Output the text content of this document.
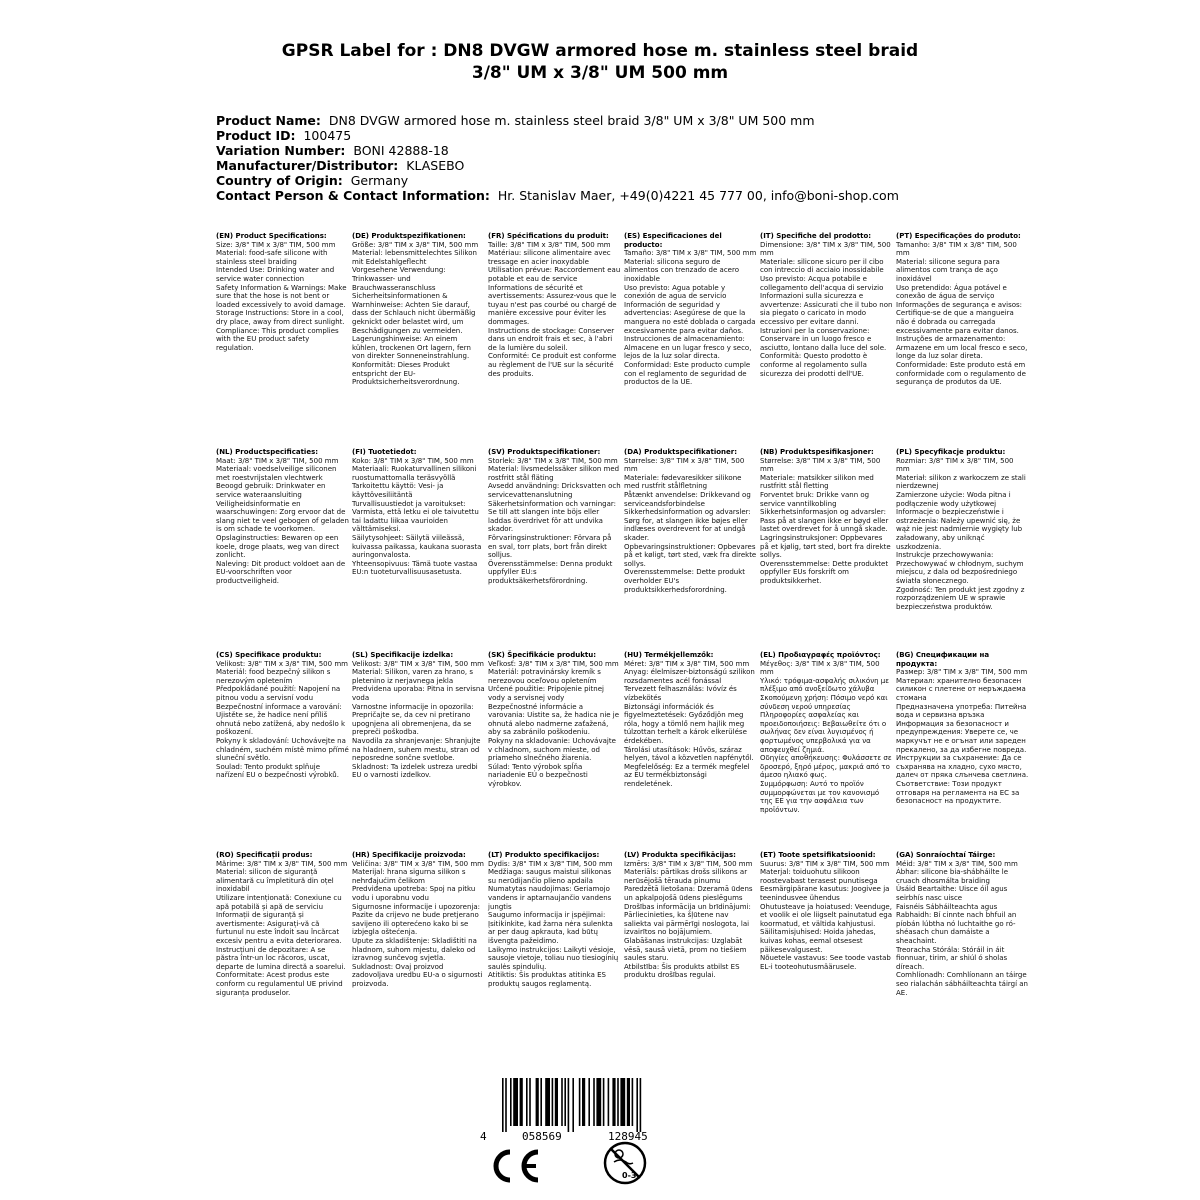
GPSR Label for : DN8 DVGW armored hose m. stainless steel braid
3/8" UM x 3/8" UM 500 mm
Product Name: DN8 DVGW armored hose m. stainless steel braid 3/8" UM x 3/8" UM 500 mm
Product ID: 100475
Variation Number: BONI 42888-18
Manufacturer/Distributor: KLASEBO
Country of Origin: Germany
Contact Person & Contact Information: Hr. Stanislav Maer, +49(0)4221 45 777 00, info@boni-shop.com
(EN) Product Specifications:
Size: 3/8" TIM x 3/8" TIM, 500 mm
Material: food-safe silicone with stainless steel braiding
Intended Use: Drinking water and service water connection
Safety Information & Warnings: Make sure that the hose is not bent or loaded excessively to avoid damage.
Storage Instructions: Store in a cool, dry place, away from direct sunlight.
Compliance: This product complies with the EU product safety regulation.
(DE) Produktspezifikationen:
Größe: 3/8" TIM x 3/8" TIM, 500 mm
Material: lebensmittelechtes Silikon mit Edelstahlgeflecht
Vorgesehene Verwendung: Trinkwasser- und Brauchwasseranschluss
Sicherheitsinformationen & Warnhinweise: Achten Sie darauf, dass der Schlauch nicht übermäßig geknickt oder belastet wird, um Beschädigungen zu vermeiden.
Lagerungshinweise: An einem kühlen, trockenen Ort lagern, fern von direkter Sonneneinstrahlung.
Konformität: Dieses Produkt entspricht der EU-Produktsicherheitsverordnung.
(FR) Spécifications du produit:
Taille: 3/8" TIM x 3/8" TIM, 500 mm
Matériau: silicone alimentaire avec tressage en acier inoxydable
Utilisation prévue: Raccordement eau potable et eau de service
Informations de sécurité et avertissements: Assurez-vous que le tuyau n'est pas courbé ou chargé de manière excessive pour éviter les dommages.
Instructions de stockage: Conserver dans un endroit frais et sec, à l'abri de la lumière du soleil.
Conformité: Ce produit est conforme au règlement de l'UE sur la sécurité des produits.
(ES) Especificaciones del producto:
Tamaño: 3/8" TIM x 3/8" TIM, 500 mm
Material: silicona seguro de alimentos con trenzado de acero inoxidable
Uso previsto: Agua potable y conexión de agua de servicio
Información de seguridad y advertencias: Asegúrese de que la manguera no esté doblada o cargada excesivamente para evitar daños.
Instrucciones de almacenamiento: Almacene en un lugar fresco y seco, lejos de la luz solar directa.
Conformidad: Este producto cumple con el reglamento de seguridad de productos de la UE.
(IT) Specifiche del prodotto:
Dimensione: 3/8" TIM x 3/8" TIM, 500 mm
Materiale: silicone sicuro per il cibo con intreccio di acciaio inossidabile
Uso previsto: Acqua potabile e collegamento dell'acqua di servizio
Informazioni sulla sicurezza e avvertenze: Assicurati che il tubo non sia piegato o caricato in modo eccessivo per evitare danni.
Istruzioni per la conservazione: Conservare in un luogo fresco e asciutto, lontano dalla luce del sole.
Conformità: Questo prodotto è conforme al regolamento sulla sicurezza dei prodotti dell'UE.
(PT) Especificações do produto:
Tamanho: 3/8" TIM x 3/8" TIM, 500 mm
Material: silicone segura para alimentos com trança de aço inoxidável
Uso pretendido: Água potável e conexão de água de serviço
Informações de segurança e avisos: Certifique-se de que a mangueira não é dobrada ou carregada excessivamente para evitar danos.
Instruções de armazenamento: Armazene em um local fresco e seco, longe da luz solar direta.
Conformidade: Este produto está em conformidade com o regulamento de segurança de produtos da UE.
(NL) Productspecificaties:
Maat: 3/8" TIM x 3/8" TIM, 500 mm
Materiaal: voedselveilige siliconen met roestvrijstalen vlechtwerk
Beoogd gebruik: Drinkwater en service wateraansluiting
Veiligheidsinformatie en waarschuwingen: Zorg ervoor dat de slang niet te veel gebogen of geladen is om schade te voorkomen.
Opslaginstructies: Bewaren op een koele, droge plaats, weg van direct zonlicht.
Naleving: Dit product voldoet aan de EU-voorschriften voor productveiligheid.
(FI) Tuotetiedot:
Koko: 3/8" TIM x 3/8" TIM, 500 mm
Materiaali: Ruokaturvallinen silikoni ruostumattomalla teräsvyöllä
Tarkoitettu käyttö: Vesi- ja käyttövesiliitäntä
Turvallisuustiedot ja varoitukset: Varmista, että letku ei ole taivutettu tai ladattu liikaa vaurioiden välttämiseksi.
Säilytysohjeet: Säilytä viileässä, kuivassa paikassa, kaukana suorasta auringonvalosta.
Yhteensopivuus: Tämä tuote vastaa EU:n tuoteturvallisuusasetusta.
(SV) Produktspecifikationer:
Storlek: 3/8" TIM x 3/8" TIM, 500 mm
Material: livsmedelssäker silikon med rostfritt stål fläting
Avsedd användning: Dricksvatten och servicevattenanslutning
Säkerhetsinformation och varningar: Se till att slangen inte böjs eller laddas överdrivet för att undvika skador.
Förvaringsinstruktioner: Förvara på en sval, torr plats, bort från direkt solljus.
Överensstämmelse: Denna produkt uppfyller EU:s produktsäkerhetsförordning.
(DA) Produktspecifikationer:
Størrelse: 3/8" TIM x 3/8" TIM, 500 mm
Materiale: fødevaresikker silikone med rustfrit stålfletning
Påtænkt anvendelse: Drikkevand og serviceandsforbindelse
Sikkerhedsinformation og advarsler: Sørg for, at slangen ikke bøjes eller indlæses overdrevent for at undgå skader.
Opbevaringsinstruktioner: Opbevares på et køligt, tørt sted, væk fra direkte sollys.
Overensstemmelse: Dette produkt overholder EU's produktsikkerhedsforordning.
(NB) Produktspesifikasjoner:
Størrelse: 3/8" TIM x 3/8" TIM, 500 mm
Materiale: matsikker silikon med rustfritt stål fletting
Forventet bruk: Drikke vann og service vanntilkobling
Sikkerhetsinformasjon og advarsler: Pass på at slangen ikke er bøyd eller lastet overdrevet for å unngå skade.
Lagringsinstruksjoner: Oppbevares på et kjølig, tørt sted, bort fra direkte sollys.
Overensstemmelse: Dette produktet oppfyller EUs forskrift om produktsikkerhet.
(PL) Specyfikacje produktu:
Rozmiar: 3/8" TIM x 3/8" TIM, 500 mm
Materiał: silikon z warkoczem ze stali nierdzewnej
Zamierzone użycie: Woda pitna i podłączenie wody użytkowej
Informacje o bezpieczeństwie i ostrzeżenia: Należy upewnić się, że wąż nie jest nadmiernie wygięty lub załadowany, aby uniknąć uszkodzenia.
Instrukcje przechowywania: Przechowywać w chłodnym, suchym miejscu, z dala od bezpośredniego światła słonecznego.
Zgodność: Ten produkt jest zgodny z rozporządzeniem UE w sprawie bezpieczeństwa produktów.
(CS) Specifikace produktu:
Velikost: 3/8" TIM x 3/8" TIM, 500 mm
Materiál: food bezpečný silikon s nerezovým opletením
Předpokládané použití: Napojení na pitnou vodu a servisní vodu
Bezpečnostní informace a varování: Ujistěte se, že hadice není příliš ohnutá nebo zatížená, aby nedošlo k poškození.
Pokyny k skladování: Uchovávejte na chladném, suchém místě mimo přímé sluneční světlo.
Soulad: Tento produkt splňuje nařízení EU o bezpečnosti výrobků.
(SL) Specifikacije izdelka:
Velikost: 3/8" TIM x 3/8" TIM, 500 mm
Material: Silikon, varen za hrano, s pletenino iz nerjavnega jekla
Predvidena uporaba: Pitna in servisna voda
Varnostne informacije in opozorila: Prepričajte se, da cev ni pretirano upognjena ali obremenjena, da se prepreči poškodba.
Navodila za shranjevanje: Shranjujte na hladnem, suhem mestu, stran od neposredne sončne svetlobe.
Skladnost: Ta izdelek ustreza uredbi EU o varnosti izdelkov.
(SK) Špecifikácie produktu:
Veľkosť: 3/8" TIM x 3/8" TIM, 500 mm
Materiál: potravinársky kremík s nerezovou oceľovou opletením
Určené použitie: Pripojenie pitnej vody a servisnej vody
Bezpečnostné informácie a varovania: Uistite sa, že hadica nie je ohnutá alebo nadmerne zaťažená, aby sa zabránilo poškodeniu.
Pokyny na skladovanie: Uchovávajte v chladnom, suchom mieste, od priameho slnečného žiarenia.
Súlad: Tento výrobok spĺňa nariadenie EÚ o bezpečnosti výrobkov.
(HU) Termékjellemzők:
Méret: 3/8" TIM x 3/8" TIM, 500 mm
Anyag: élelmiszer-biztonságú szilikon rozsdamentes acél fonással
Tervezett felhasználás: Ivóvíz és vízbekötés
Biztonsági információk és figyelmeztetések: Győződjön meg róla, hogy a tömlő nem hajlik meg túlzottan terhelt a károk elkerülése érdekében.
Tárolási utasítások: Hűvös, száraz helyen, távol a közvetlen napfénytől.
Megfelelőség: Ez a termék megfelel az EU termékbiztonsági rendeletének.
(EL) Προδιαγραφές προϊόντος:
Μέγεθος: 3/8" TIM x 3/8" TIM, 500 mm
Υλικό: τρόφιμα-ασφαλής σιλικόνη με πλέξιμο από ανοξείδωτο χάλυβα
Σκοπούμενη χρήση: Πόσιμο νερό και σύνδεση νερού υπηρεσίας
Πληροφορίες ασφαλείας και προειδοποιήσεις: Βεβαιωθείτε ότι ο σωλήνας δεν είναι λυγισμένος ή φορτωμένος υπερβολικά για να αποφευχθεί ζημιά.
Οδηγίες αποθήκευσης: Φυλάσσετε σε δροσερό, ξηρό μέρος, μακριά από το άμεσο ηλιακό φως.
Συμμόρφωση: Αυτό το προϊόν συμμορφώνεται με τον κανονισμό της ΕΕ για την ασφάλεια των προϊόντων.
(BG) Спецификации на продукта:
Размер: 3/8" TIM x 3/8" TIM, 500 mm
Материал: хранително безопасен силикон с плетене от неръждаема стомана
Предназначена употреба: Питейна вода и сервизна връзка
Информация за безопасност и предупреждения: Уверете се, че маркучът не е огънат или зареден прекалено, за да избегне повреда.
Инструкции за съхранение: Да се съхранява на хладно, сухо място, далеч от пряка слънчева светлина.
Съответствие: Този продукт отговаря на регламента на ЕС за безопасност на продуктите.
(RO) Specificații produs:
Mărime: 3/8" TIM x 3/8" TIM, 500 mm
Material: silicon de siguranță alimentară cu împletitură din oțel inoxidabil
Utilizare intenționată: Conexiune cu apă potabilă și apă de serviciu
Informații de siguranță și avertismente: Asigurați-vă că furtunul nu este îndoit sau încărcat excesiv pentru a evita deteriorarea.
Instrucțiuni de depozitare: A se păstra într-un loc răcoros, uscat, departe de lumina directă a soarelui.
Conformitate: Acest produs este conform cu regulamentul UE privind siguranța produselor.
(HR) Specifikacije proizvoda:
Veličina: 3/8" TIM x 3/8" TIM, 500 mm
Materijal: hrana sigurna silikon s nehrđajućim čelikom
Predviđena upotreba: Spoj na pitku vodu i uporabnu vodu
Sigurnosne informacije i upozorenja: Pazite da crijevo ne bude pretjerano savijeno ili opterećeno kako bi se izbjegla oštećenja.
Upute za skladištenje: Skladištiti na hladnom, suhom mjestu, daleko od izravnog sunčevog svjetla.
Sukladnost: Ovaj proizvod zadovoljava uredbu EU-a o sigurnosti proizvoda.
(LT) Produkto specifikacijos:
Dydis: 3/8" TIM x 3/8" TIM, 500 mm
Medžiaga: saugus maistui silikonas su nerūdijančio plieno apdaila
Numatytas naudojimas: Geriamojo vandens ir aptarnaujančio vandens jungtis
Saugumo informacija ir įspėjimai: Įsitikinkite, kad žarna nėra sulenkta ar per daug apkrauta, kad būtų išvengta pažeidimo.
Laikymo instrukcijos: Laikyti vėsioje, sausoje vietoje, toliau nuo tiesioginių saulės spindulių.
Atitiktis: Šis produktas atitinka ES produktų saugos reglamentą.
(LV) Produkta specifikācijas:
Izmērs: 3/8" TIM x 3/8" TIM, 500 mm
Materiāls: pārtikas drošs silikons ar nerūsējošā tērauda pinumu
Paredzētā lietošana: Dzeramā ūdens un apkalpojošā ūdens pieslēgums
Drošības informācija un brīdinājumi: Pārliecinieties, ka šļūtene nav saliekta vai pārmērīgi noslogota, lai izvairītos no bojājumiem.
Glabāšanas instrukcijas: Uzglabāt vēsā, sausā vietā, prom no tiešiem saules staru.
Atbilstība: Šis produkts atbilst ES produktu drošības regulai.
(ET) Toote spetsifikatsioonid:
Suurus: 3/8" TIM x 3/8" TIM, 500 mm
Materjal: toiduohutu silikoon roostevabast terasest punutisega
Eesmärgipärane kasutus: Joogivee ja teenindusvee ühendus
Ohutusteave ja hoiatused: Veenduge, et voolik ei ole liigselt painutatud ega koormatud, et vältida kahjustusi.
Säilitamisjuhised: Hoida jahedas, kuivas kohas, eemal otsesest päikesevalgusest.
Nõuetele vastavus: See toode vastab EL-i tooteohutusmäärusele.
(GA) Sonraíochtaí Táirge:
Méid: 3/8" TIM x 3/8" TIM, 500 mm
Ábhar: silicone bia-shábháilte le cruach dhosmálta braiding
Úsáid Beartaithe: Uisce óil agus seirbhís nasc uisce
Faisnéis Sábháilteachta agus Rabhaidh: Bí cinnte nach bhfuil an píobán lúbtha nó luchtaithe go ró-shéasach chun damáiste a sheachaint.
Treoracha Stórála: Stóráil in áit fionnuar, tirim, ar shiúl ó sholas díreach.
Comhlíonadh: Comhlíonann an táirge seo rialachán sábháilteachta táirgí an AE.
4	058569	128945
0-3
